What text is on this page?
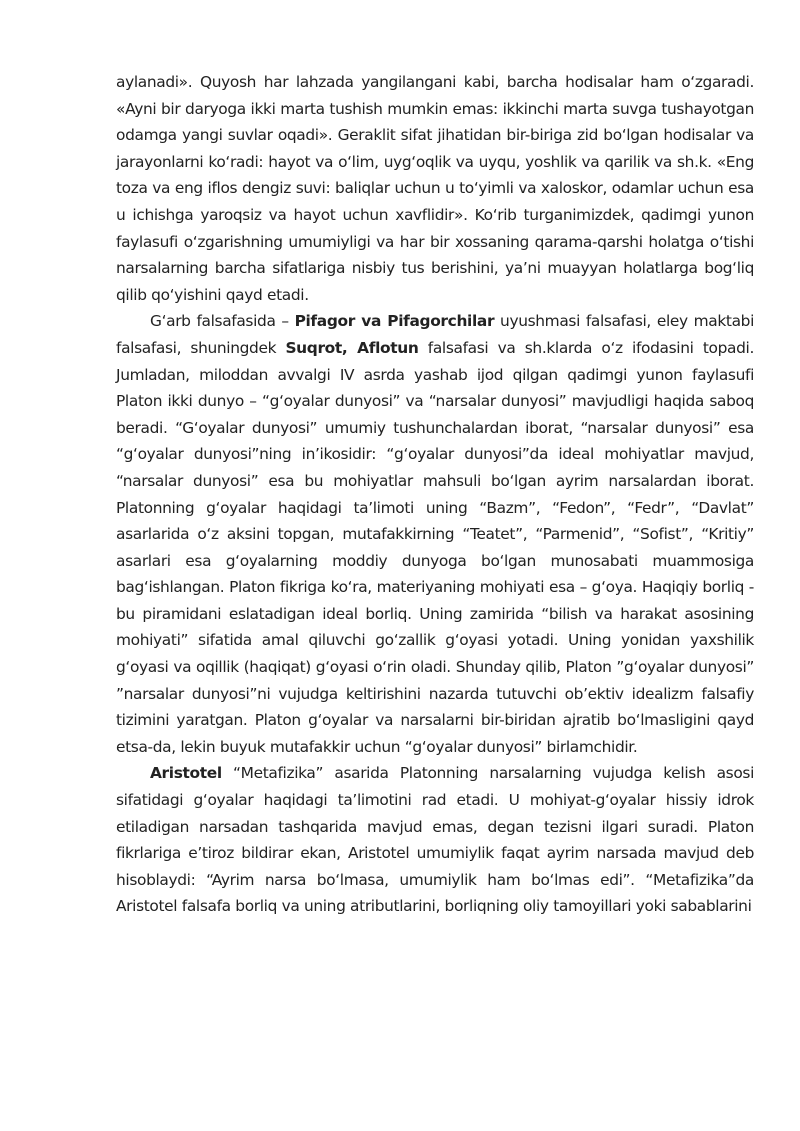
aylanadi». Quyosh har lahzada yangilangani kabi, barcha hodisalar ham o‘zgaradi. «Ayni bir daryoga ikki marta tushish mumkin emas: ikkinchi marta suvga tushayotgan odamga yangi suvlar oqadi». Geraklit sifat jihatidan bir-biriga zid bo‘lgan hodisalar va jarayonlarni ko‘radi: hayot va o‘lim, uyg‘oqlik va uyqu, yoshlik va qarilik va sh.k. «Eng toza va eng iflos dengiz suvi: baliqlar uchun u to‘yimli va xaloskor, odamlar uchun esa u ichishga yaroqsiz va hayot uchun xavflidir». Ko‘rib turganimizdek, qadimgi yunon faylasufi o‘zgarishning umumiyligi va har bir xossaning qarama-qarshi holatga o‘tishi narsalarning barcha sifatlariga nisbiy tus berishini, ya’ni muayyan holatlarga bog‘liq qilib qo‘yishini qayd etadi.

G‘arb falsafasida – Pifagor va Pifagorchilar uyushmasi falsafasi, eley maktabi falsafasi, shuningdek Suqrot, Aflotun falsafasi va sh.klarda o‘z ifodasini topadi. Jumladan, miloddan avvalgi IV asrda yashab ijod qilgan qadimgi yunon faylasufi Platon ikki dunyo – “g‘oyalar dunyosi” va “narsalar dunyosi” mavjudligi haqida saboq beradi. “G‘oyalar dunyosi” umumiy tushunchalardan iborat, “narsalar dunyosi” esa “g‘oyalar dunyosi”ning in’ikosidir: “g‘oyalar dunyosi”da ideal mohiyatlar mavjud, “narsalar dunyosi” esa bu mohiyatlar mahsuli bo‘lgan ayrim narsalardan iborat. Platonning g‘oyalar haqidagi ta’limoti uning “Bazm”, “Fedon”, “Fedr”, “Davlat” asarlarida o‘z aksini topgan, mutafakkirning “Teatet”, “Parmenid”, “Sofist”, “Kritiy” asarlari esa g‘oyalarning moddiy dunyoga bo‘lgan munosabati muammosiga bag‘ishlangan. Platon fikriga ko‘ra, materiyaning mohiyati esa – g‘oya. Haqiqiy borliq - bu piramidani eslatadigan ideal borliq. Uning zamirida “bilish va harakat asosining mohiyati” sifatida amal qiluvchi go‘zallik g‘oyasi yotadi. Uning yonidan yaxshilik g‘oyasi va oqillik (haqiqat) g‘oyasi o‘rin oladi. Shunday qilib, Platon ”g‘oyalar dunyosi” ”narsalar dunyosi”ni vujudga keltirishini nazarda tutuvchi ob’ektiv idealizm falsafiy tizimini yaratgan. Platon g‘oyalar va narsalarni bir-biridan ajratib bo‘lmasligini qayd etsa-da, lekin buyuk mutafakkir uchun “g‘oyalar dunyosi” birlamchidir.

Aristotel “Metafizika” asarida Platonning narsalarning vujudga kelish asosi sifatidagi g‘oyalar haqidagi ta’limotini rad etadi. U mohiyat-g‘oyalar hissiy idrok etiladigan narsadan tashqarida mavjud emas, degan tezisni ilgari suradi. Platon fikrlariga e’tiroz bildirar ekan, Aristotel umumiylik faqat ayrim narsada mavjud deb hisoblaydi: “Ayrim narsa bo‘lmasa, umumiylik ham bo‘lmas edi”. “Metafizika”da Aristotel falsafa borliq va uning atributlarini, borliqning oliy tamoyillari yoki sabablarini
